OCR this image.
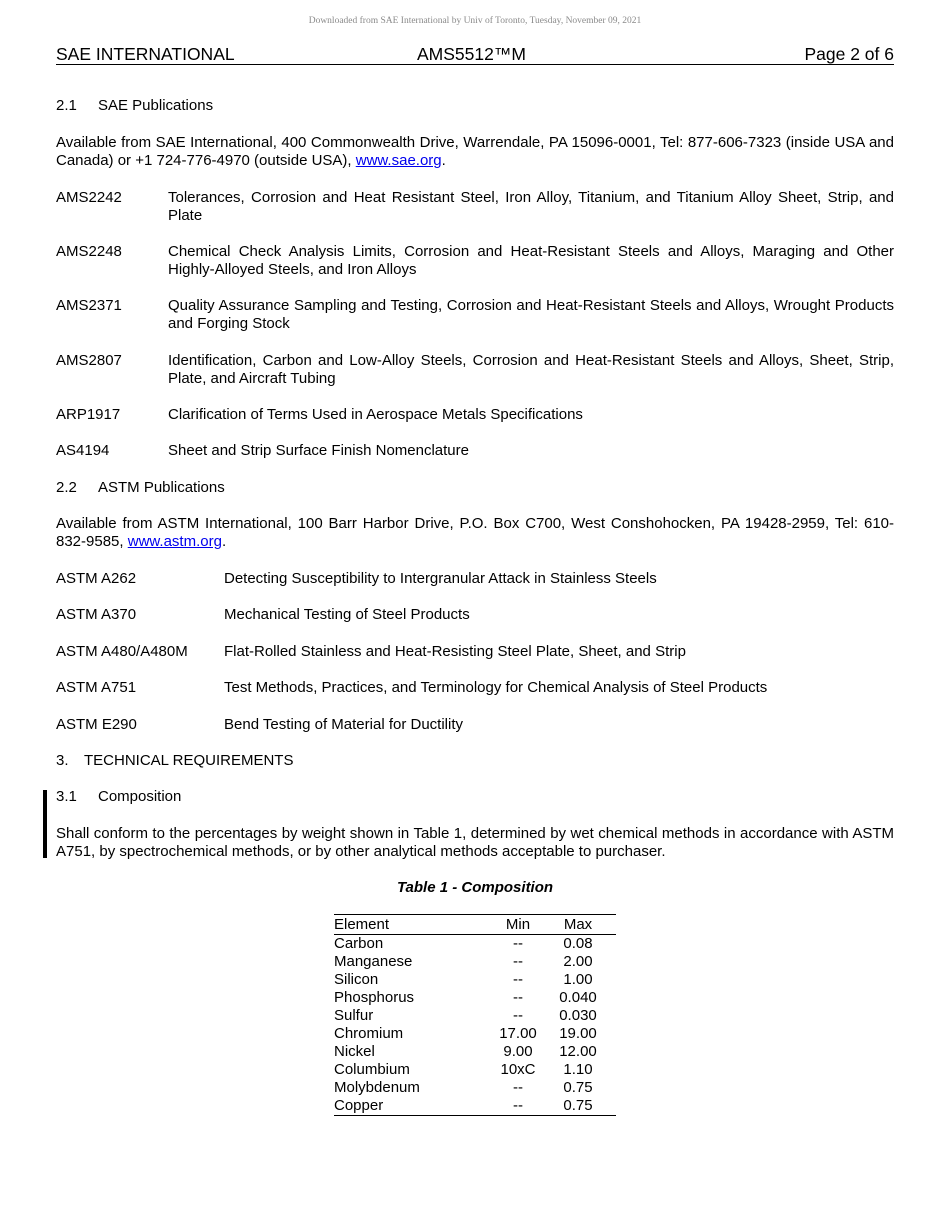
Downloaded from SAE International by Univ of Toronto, Tuesday, November 09, 2021
SAE INTERNATIONAL	AMS5512™M	Page 2 of 6
2.1 SAE Publications
Available from SAE International, 400 Commonwealth Drive, Warrendale, PA 15096-0001, Tel: 877-606-7323 (inside USA and Canada) or +1 724-776-4970 (outside USA), www.sae.org.
AMS2242	Tolerances, Corrosion and Heat Resistant Steel, Iron Alloy, Titanium, and Titanium Alloy Sheet, Strip, and Plate
AMS2248	Chemical Check Analysis Limits, Corrosion and Heat-Resistant Steels and Alloys, Maraging and Other Highly-Alloyed Steels, and Iron Alloys
AMS2371	Quality Assurance Sampling and Testing, Corrosion and Heat-Resistant Steels and Alloys, Wrought Products and Forging Stock
AMS2807	Identification, Carbon and Low-Alloy Steels, Corrosion and Heat-Resistant Steels and Alloys, Sheet, Strip, Plate, and Aircraft Tubing
ARP1917	Clarification of Terms Used in Aerospace Metals Specifications
AS4194	Sheet and Strip Surface Finish Nomenclature
2.2 ASTM Publications
Available from ASTM International, 100 Barr Harbor Drive, P.O. Box C700, West Conshohocken, PA 19428-2959, Tel: 610-832-9585, www.astm.org.
ASTM A262	Detecting Susceptibility to Intergranular Attack in Stainless Steels
ASTM A370	Mechanical Testing of Steel Products
ASTM A480/A480M Flat-Rolled Stainless and Heat-Resisting Steel Plate, Sheet, and Strip
ASTM A751	Test Methods, Practices, and Terminology for Chemical Analysis of Steel Products
ASTM E290	Bend Testing of Material for Ductility
3. TECHNICAL REQUIREMENTS
3.1 Composition
Shall conform to the percentages by weight shown in Table 1, determined by wet chemical methods in accordance with ASTM A751, by spectrochemical methods, or by other analytical methods acceptable to purchaser.
Table 1 - Composition
Element	Min	Max
Carbon	--	0.08
Manganese	--	2.00
Silicon	--	1.00
Phosphorus	--	0.040
Sulfur	--	0.030
Chromium	17.00	19.00
Nickel	9.00	12.00
Columbium	10xC	1.10
Molybdenum	--	0.75
Copper	--	0.75
